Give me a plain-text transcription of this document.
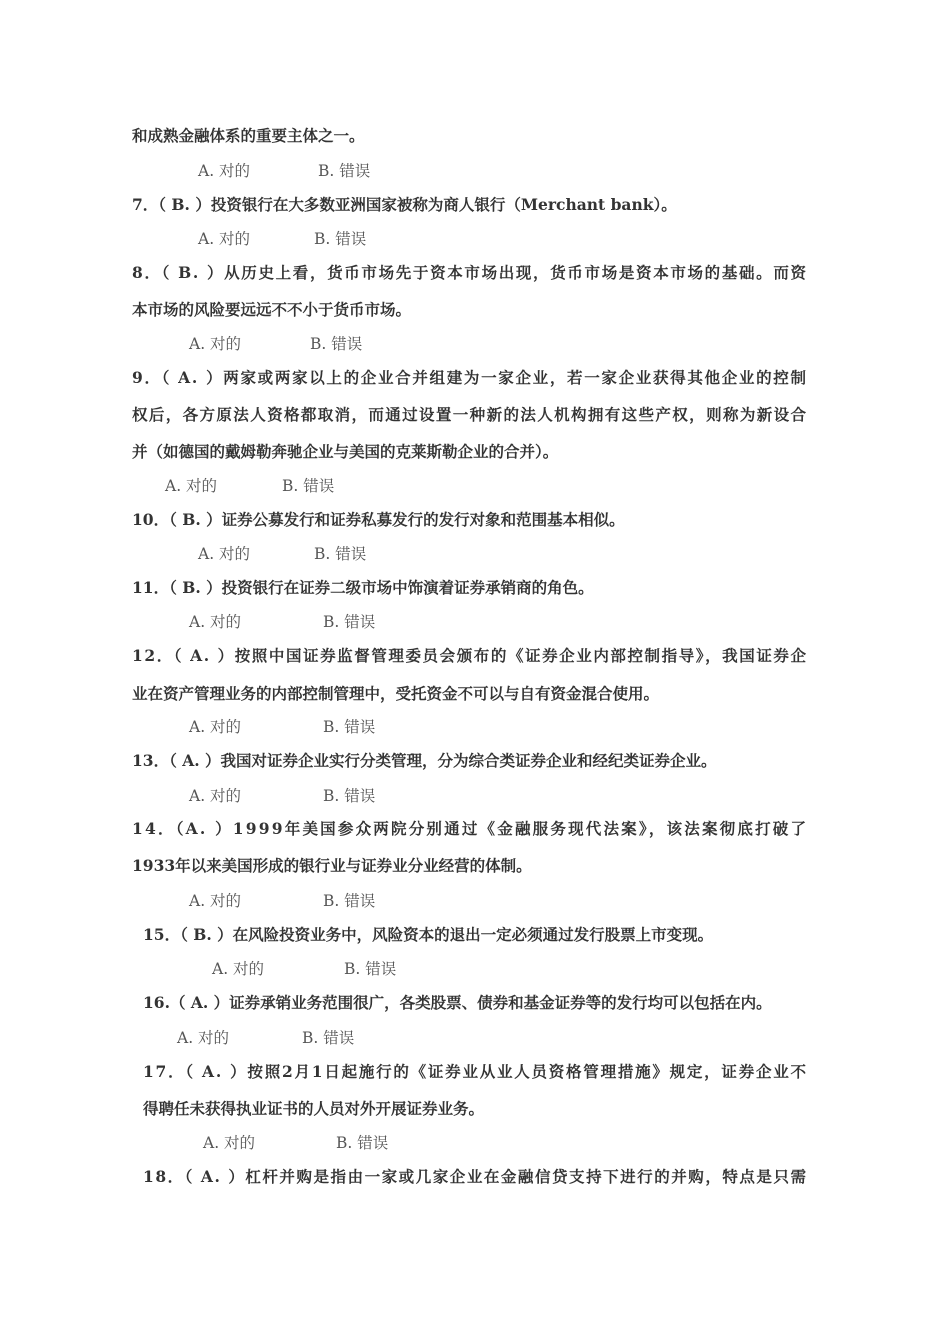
和成熟金融体系的重要主体之一。
A. 对的	B. 错误
7．（ B. ）投资银行在大多数亚洲国家被称为商人银行（Merchant bank）。
A. 对的	B. 错误
8．（ B. ）从历史上看，货币市场先于资本市场出现，货币市场是资本市场的基础。而资
本市场的风险要远远不不小于货币市场。
A. 对的	B. 错误
9．（ A. ）两家或两家以上的企业合并组建为一家企业，若一家企业获得其他企业的控制
权后，各方原法人资格都取消，而通过设置一种新的法人机构拥有这些产权，则称为新设合
并（如德国的戴姆勒奔驰企业与美国的克莱斯勒企业的合并）。
A. 对的	B. 错误
10．（ B. ）证券公募发行和证券私募发行的发行对象和范围基本相似。
A. 对的	B. 错误
11．（ B. ）投资银行在证券二级市场中饰演着证券承销商的角色。
A. 对的	B. 错误
12．（ A. ）按照中国证券监督管理委员会颁布的《证券企业内部控制指导》，我国证券企
业在资产管理业务的内部控制管理中，受托资金不可以与自有资金混合使用。
A. 对的	B. 错误
13．（ A. ）我国对证券企业实行分类管理，分为综合类证券企业和经纪类证券企业。
A. 对的	B. 错误
14．（A. ）1999年美国参众两院分别通过《金融服务现代法案》，该法案彻底打破了
1933年以来美国形成的银行业与证券业分业经营的体制。
A. 对的	B. 错误
15．（ B. ）在风险投资业务中，风险资本的退出一定必须通过发行股票上市变现。
A. 对的	B. 错误
16.（ A. ）证券承销业务范围很广，各类股票、债券和基金证券等的发行均可以包括在内。
A. 对的	B. 错误
17．（ A. ）按照2月1日起施行的《证券业从业人员资格管理措施》规定，证券企业不
得聘任未获得执业证书的人员对外开展证券业务。
A. 对的	B. 错误
18．（ A. ）杠杆并购是指由一家或几家企业在金融信贷支持下进行的并购，特点是只需
